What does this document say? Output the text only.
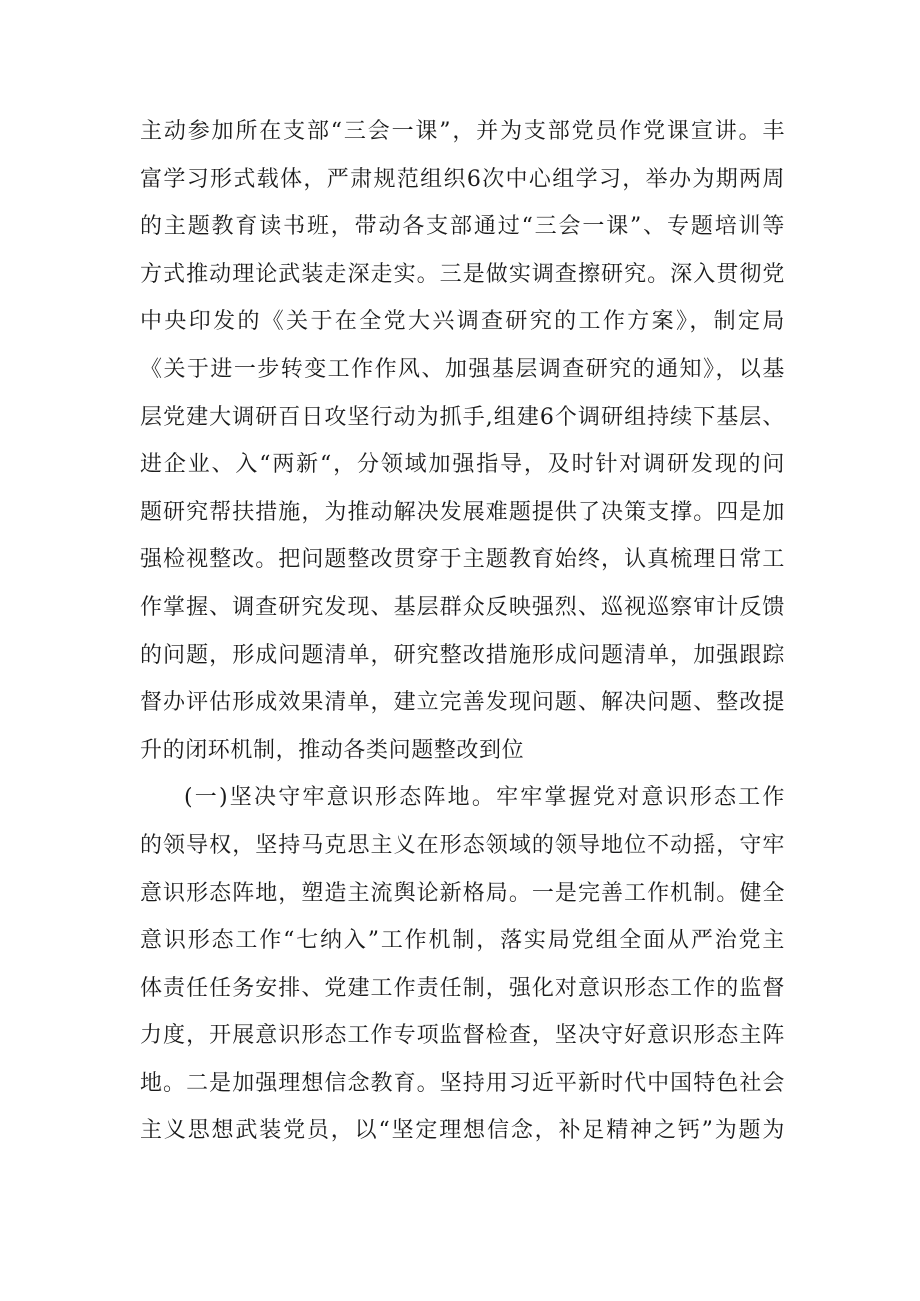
主动参加所在支部“三会一课”，并为支部党员作党课宣讲。丰
富学习形式载体，严肃规范组织6次中心组学习，举办为期两周
的主题教育读书班，带动各支部通过“三会一课”、专题培训等
方式推动理论武装走深走实。三是做实调查擦研究。深入贯彻党
中央印发的《关于在全党大兴调查研究的工作方案》，制定局
《关于进一步转变工作作风、加强基层调查研究的通知》，以基
层党建大调研百日攻坚行动为抓手,组建6个调研组持续下基层、
进企业、入“两新“，分领域加强指导，及时针对调研发现的问
题研究帮扶措施，为推动解决发展难题提供了决策支撑。四是加
强检视整改。把问题整改贯穿于主题教育始终，认真梳理日常工
作掌握、调查研究发现、基层群众反映强烈、巡视巡察审计反馈
的问题，形成问题清单，研究整改措施形成问题清单，加强跟踪
督办评估形成效果清单，建立完善发现问题、解决问题、整改提
升的闭环机制，推动各类问题整改到位
(一)坚决守牢意识形态阵地。牢牢掌握党对意识形态工作
的领导权，坚持马克思主义在形态领域的领导地位不动摇，守牢
意识形态阵地，塑造主流舆论新格局。一是完善工作机制。健全
意识形态工作“七纳入”工作机制，落实局党组全面从严治党主
体责任任务安排、党建工作责任制，强化对意识形态工作的监督
力度，开展意识形态工作专项监督检查，坚决守好意识形态主阵
地。二是加强理想信念教育。坚持用习近平新时代中国特色社会
主义思想武装党员，以“坚定理想信念，补足精神之钙”为题为
